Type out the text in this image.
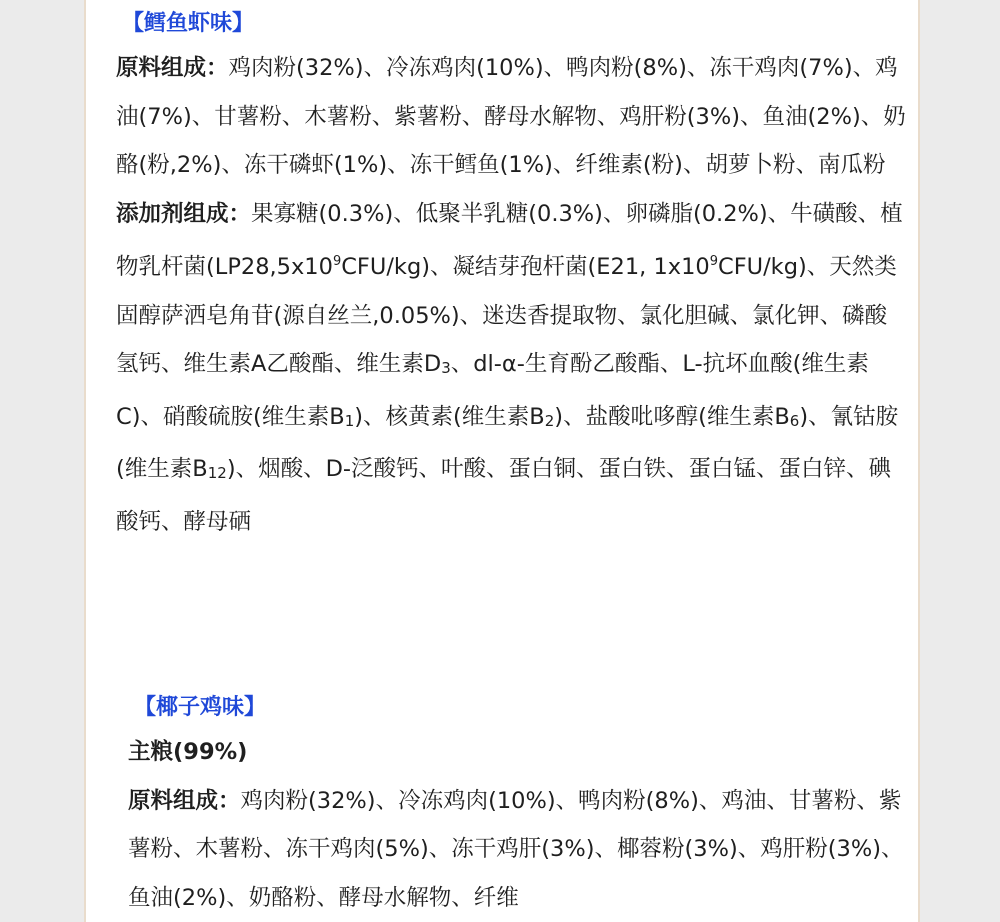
【鳕鱼虾味】

原料组成：鸡肉粉(32%)、冷冻鸡肉(10%)、鸭肉粉(8%)、冻干鸡肉(7%)、鸡油(7%)、甘薯粉、木薯粉、紫薯粉、酵母水解物、鸡肝粉(3%)、鱼油(2%)、奶酪(粉,2%)、冻干磷虾(1%)、冻干鳕鱼(1%)、纤维素(粉)、胡萝卜粉、南瓜粉

添加剂组成：果寡糖(0.3%)、低聚半乳糖(0.3%)、卵磷脂(0.2%)、牛磺酸、植物乳杆菌$(LP28,5x10^9CFU/kg)$、凝结芽孢杆菌(E21, $1x10^9CFU/kg$)、天然类固醇萨洒皂角苷(源自丝兰,0.05%)、迷迭香提取物、氯化胆碱、氯化钾、磷酸氢钙、维生素A乙酸酯、维生素D3、dl-α-生育酚乙酸酯、L-抗坏血酸(维生素C)、硝酸硫胺(维生素B1)、核黄素(维生素B2)、盐酸吡哆醇(维生素B6)、氰钴胺(维生素B12)、烟酸、D-泛酸钙、叶酸、蛋白铜、蛋白铁、蛋白锰、蛋白锌、碘酸钙、酵母硒

【椰子鸡味】

主粮(99%)

原料组成：鸡肉粉(32%)、冷冻鸡肉(10%)、鸭肉粉(8%)、鸡油、甘薯粉、紫薯粉、木薯粉、冻干鸡肉(5%)、冻干鸡肝(3%)、椰蓉粉(3%)、鸡肝粉(3%)、鱼油(2%)、奶酪粉、酵母水解物、纤维
